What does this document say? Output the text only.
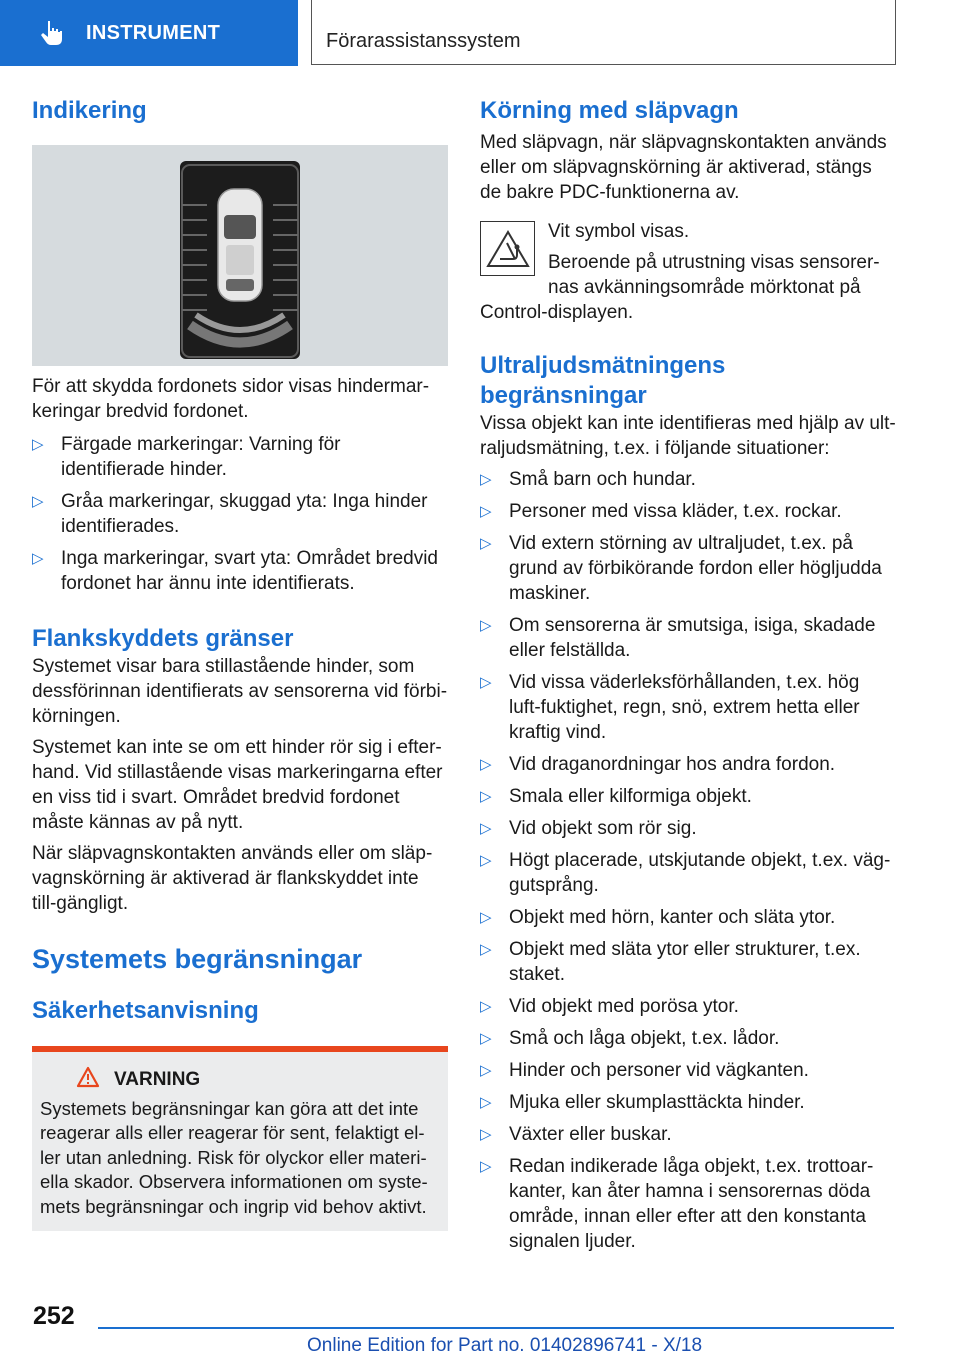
INSTRUMENT	Förarassistanssystem
Indikering

För att skydda fordonets sidor visas hindermar-keringar bredvid fordonet.

▷ Färgade markeringar: Varning för identifierade hinder.
▷ Gråa markeringar, skuggad yta: Inga hinder identifierades.
▷ Inga markeringar, svart yta: Området bredvid fordonet har ännu inte identifierats.
Flankskyddets gränser

Systemet visar bara stillastående hinder, som dessförinnan identifierats av sensorerna vid förbi-körningen.

Systemet kan inte se om ett hinder rör sig i efter-hand. Vid stillastående visas markeringarna efter en viss tid i svart. Området bredvid fordonet måste kännas av på nytt.

När släpvagnskontakten används eller om släp-vagnskörning är aktiverad är flankskyddet inte till-gängligt.

Systemets begränsningar
Säkerhetsanvisning
VARNING

Systemets begränsningar kan göra att det inte reagerar alls eller reagerar för sent, felaktigt el-ler utan anledning. Risk för olyckor eller materi-ella skador. Observera informationen om syste-mets begränsningar och ingrip vid behov aktivt.

Körning med släpvagn

Med släpvagn, när släpvagnskontakten används eller om släpvagnskörning är aktiverad, stängs de bakre PDC-funktionerna av.

Vit symbol visas.

Beroende på utrustning visas sensorer-nas avkänningsområde mörktonat på

Control-displayen.

Ultraljudsmätningens begränsningar

Vissa objekt kan inte identifieras med hjälp av ult-raljudsmätning, t.ex. i följande situationer:

▷ Små barn och hundar.
▷ Personer med vissa kläder, t.ex. rockar.
▷ Vid extern störning av ultraljudet, t.ex. på grund av förbikörande fordon eller högljudda maskiner.
▷ Om sensorerna är smutsiga, isiga, skadade eller felställda.
▷ Vid vissa väderleksförhållanden, t.ex. hög luft-fuktighet, regn, snö, extrem hetta eller kraftig vind.
▷ Vid draganordningar hos andra fordon.
▷ Smala eller kilformiga objekt.
▷ Vid objekt som rör sig.
▷ Högt placerade, utskjutande objekt, t.ex. väg-gutsprång.
▷ Objekt med hörn, kanter och släta ytor.
▷ Objekt med släta ytor eller strukturer, t.ex. staket.
▷ Vid objekt med porösa ytor.
▷ Små och låga objekt, t.ex. lådor.
▷ Hinder och personer vid vägkanten.
▷ Mjuka eller skumplasttäckta hinder.
▷ Växter eller buskar.
▷ Redan indikerade låga objekt, t.ex. trottoar-kanter, kan åter hamna i sensorernas döda område, innan eller efter att den konstanta signalen ljuder.
252
Online Edition for Part no. 01402896741 - X/18
